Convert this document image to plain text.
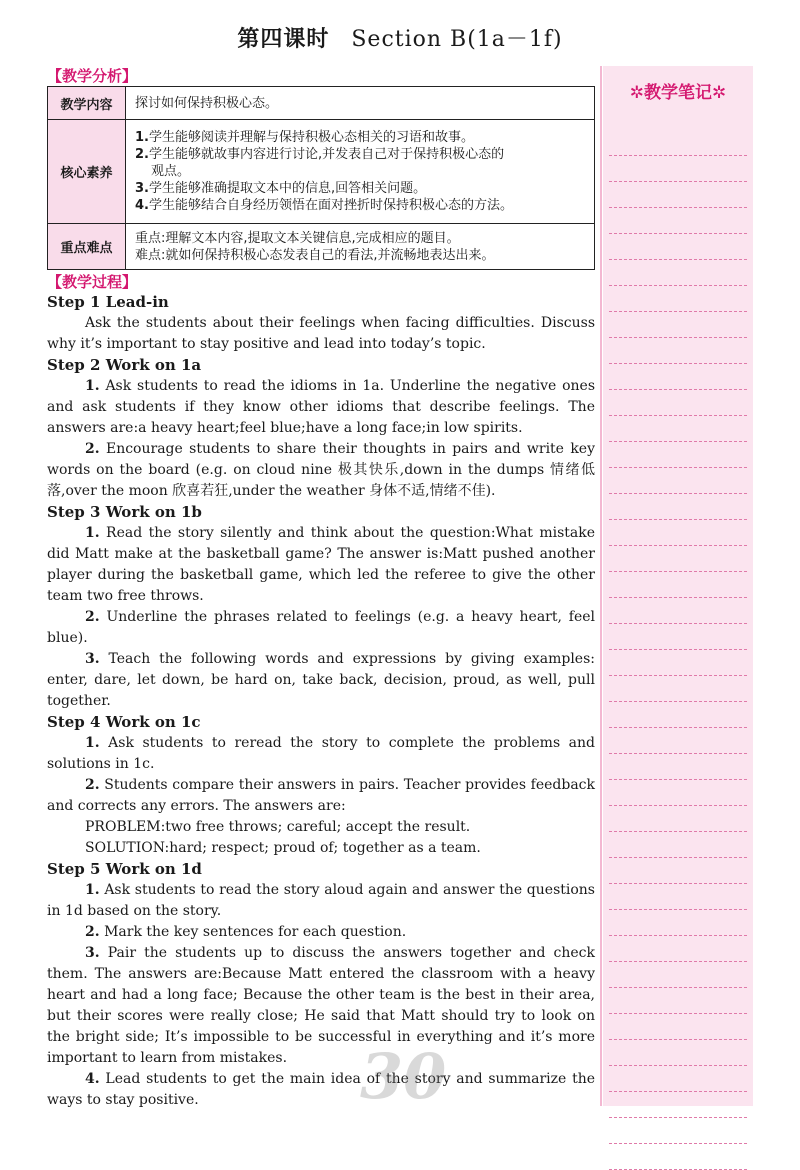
第四课时 Section B(1a－1f)
【教学分析】
教学内容	探讨如何保持积极心态。

核心素养	1.学生能够阅读并理解与保持积极心态相关的习语和故事。
2.学生能够就故事内容进行讨论,并发表自己对于保持积极心态的
观点。
3.学生能够准确提取文本中的信息,回答相关问题。
4.学生能够结合自身经历领悟在面对挫折时保持积极心态的方法。

重点难点	重点:理解文本内容,提取文本关键信息,完成相应的题目。
难点:就如何保持积极心态发表自己的看法,并流畅地表达出来。
【教学过程】
Step 1 Lead-in

Ask the students about their feelings when facing difficulties. Discuss why it’s important to stay positive and lead into today’s topic.

Step 2 Work on 1a

1. Ask students to read the idioms in 1a. Underline the negative ones and ask students if they know other idioms that describe feelings. The answers are:a heavy heart;feel blue;have a long face;in low spirits.

2. Encourage students to share their thoughts in pairs and write key words on the board (e.g. on cloud nine 极其快乐,down in the dumps 情绪低落,over the moon 欣喜若狂,under the weather 身体不适,情绪不佳).

Step 3 Work on 1b

1. Read the story silently and think about the question:What mistake did Matt make at the basketball game? The answer is:Matt pushed another player during the basketball game, which led the referee to give the other team two free throws.

2. Underline the phrases related to feelings (e.g. a heavy heart, feel blue).

3. Teach the following words and expressions by giving examples: enter, dare, let down, be hard on, take back, decision, proud, as well, pull together.

Step 4 Work on 1c

1. Ask students to reread the story to complete the problems and solutions in 1c.

2. Students compare their answers in pairs. Teacher provides feedback and corrects any errors. The answers are:

PROBLEM:two free throws; careful; accept the result.

SOLUTION:hard; respect; proud of; together as a team.

Step 5 Work on 1d

1. Ask students to read the story aloud again and answer the questions in 1d based on the story.

2. Mark the key sentences for each question.

3. Pair the students up to discuss the answers together and check them. The answers are:Because Matt entered the classroom with a heavy heart and had a long face; Because the other team is the best in their area, but their scores were really close; He said that Matt should try to look on the bright side; It’s impossible to be successful in everything and it’s more important to learn from mistakes.

4. Lead students to get the main idea of the story and summarize the ways to stay positive.

✲教学笔记✲
30
